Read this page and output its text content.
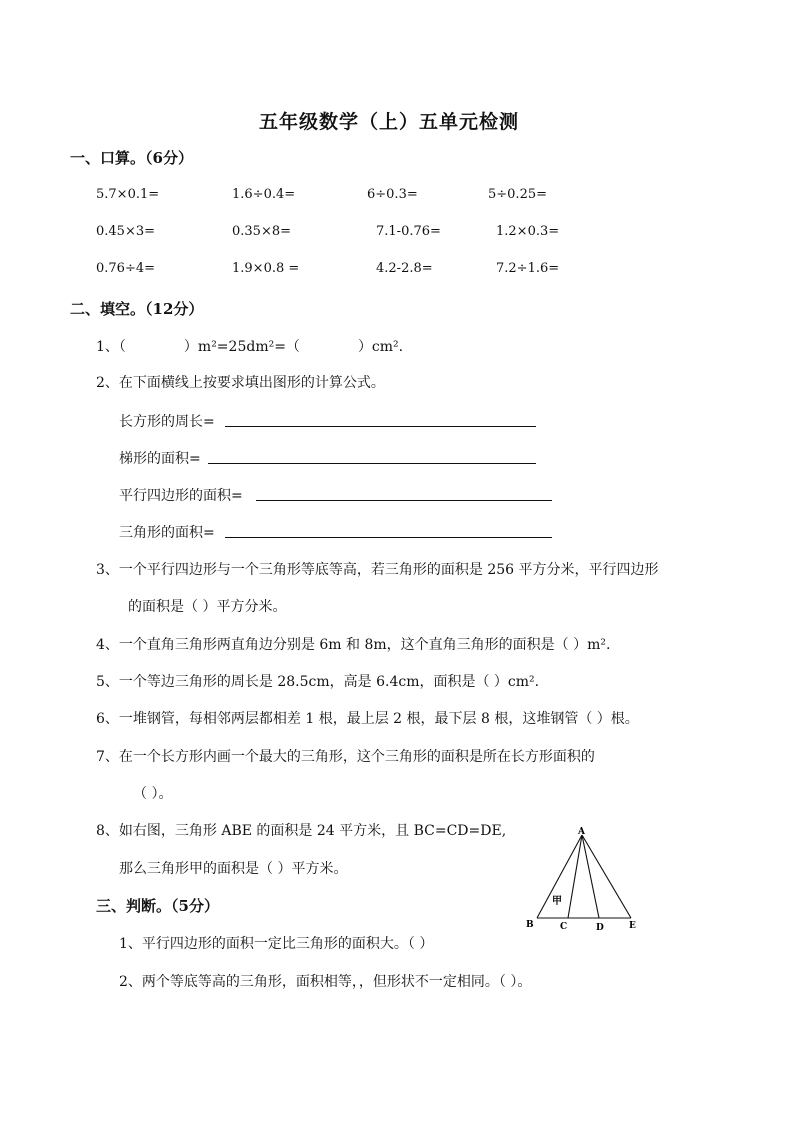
五年级数学（上）五单元检测
一、口算。（6分）
5.7×0.1=	1.6÷0.4=	6÷0.3=	5÷0.25=
0.45×3=	0.35×8=	7.1-0.76=	1.2×0.3=
0.76÷4=	1.9×0.8 =	4.2-2.8=	7.2÷1.6=
二、填空。（12分）
1、（	）m²=25dm²=（	）cm².
2、在下面横线上按要求填出图形的计算公式。
长方形的周长=
梯形的面积=
平行四边形的面积=
三角形的面积=
3、一个平行四边形与一个三角形等底等高，若三角形的面积是 256 平方分米，平行四边形
的面积是（ ）平方分米。
4、一个直角三角形两直角边分别是 6m 和 8m，这个直角三角形的面积是（ ）m².
5、一个等边三角形的周长是 28.5cm，高是 6.4cm，面积是（ ）cm².
6、一堆钢管，每相邻两层都相差 1 根，最上层 2 根，最下层 8 根，这堆钢管（ ）根。
7、在一个长方形内画一个最大的三角形，这个三角形的面积是所在长方形面积的
（ ）。
8、如右图，三角形 ABE 的面积是 24 平方米，且 BC=CD=DE,
那么三角形甲的面积是（ ）平方米。
A
B	C	D	E
甲
三、判断。（5分）
1、平行四边形的面积一定比三角形的面积大。（ ）
2、两个等底等高的三角形，面积相等，，但形状不一定相同。（ ）。
